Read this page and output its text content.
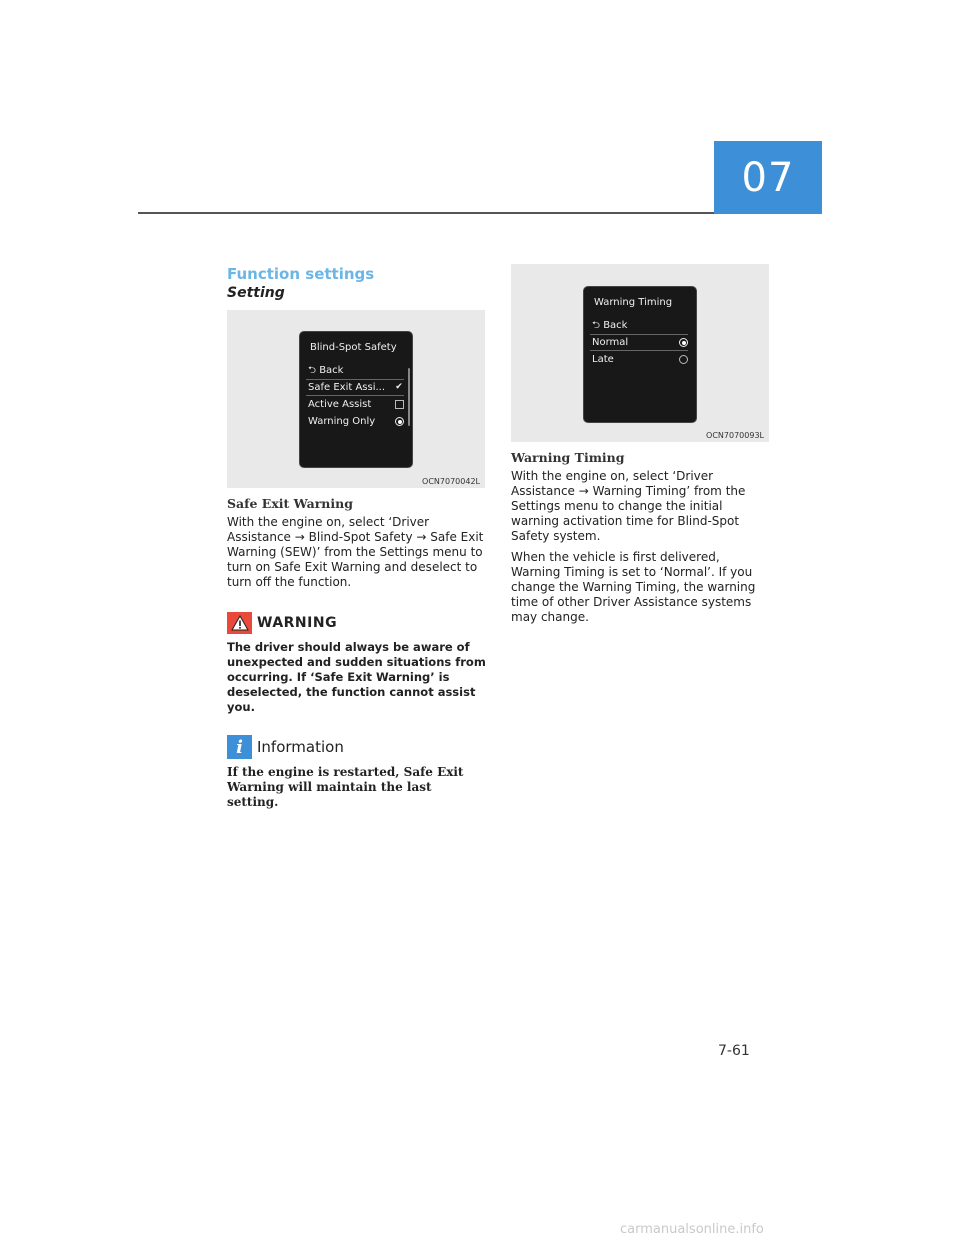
07
Function settings
Setting
Blind-Spot Safety
⮌ Back
Safe Exit Assi... ✔
Active Assist
Warning Only
OCN7070042L
Safe Exit Warning

With the engine on, select ‘Driver Assistance → Blind-Spot Safety → Safe Exit Warning (SEW)’ from the Settings menu to turn on Safe Exit Warning and deselect to turn off the function.

WARNING
The driver should always be aware of unexpected and sudden situations from occurring. If ‘Safe Exit Warning’ is deselected, the function cannot assist you.
i Information
If the engine is restarted, Safe Exit Warning will maintain the last setting.
Warning Timing
⮌ Back
Normal
Late
OCN7070093L
Warning Timing

With the engine on, select ‘Driver Assistance → Warning Timing’ from the Settings menu to change the initial warning activation time for Blind-Spot Safety system.

When the vehicle is first delivered, Warning Timing is set to ‘Normal’. If you change the Warning Timing, the warning time of other Driver Assistance systems may change.

7-61
carmanualsonline.info
